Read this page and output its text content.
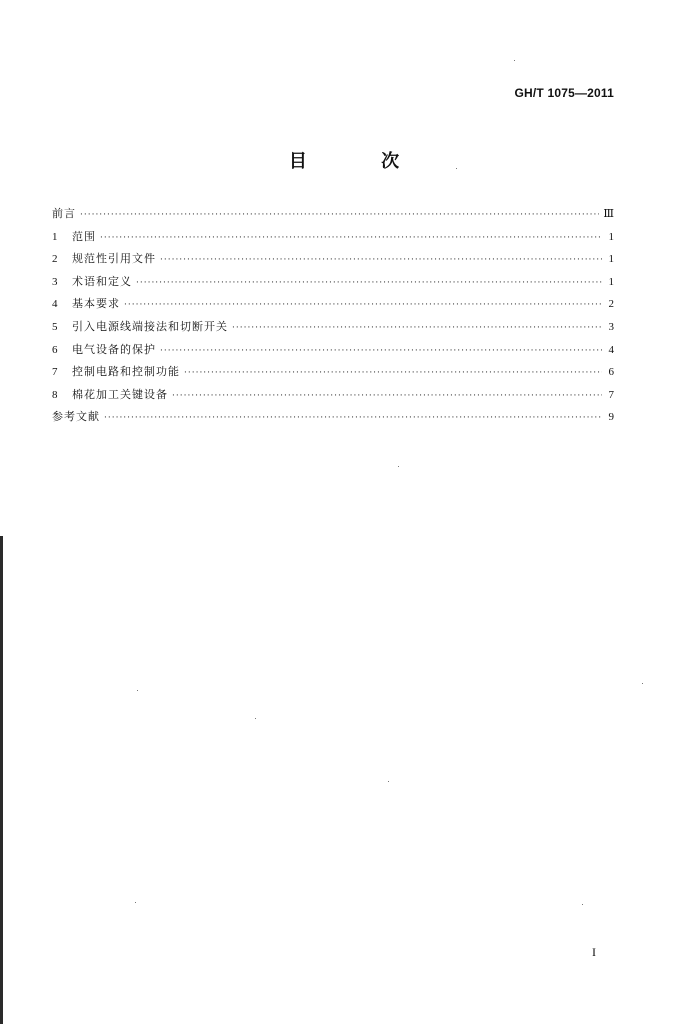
GH/T 1075—2011
目 次
前言 ·····	Ⅲ
1	范围 ·····	1
2	规范性引用文件 ·····	1
3	术语和定义 ·····	1
4	基本要求 ·····	2
5	引入电源线端接法和切断开关 ·····	3
6	电气设备的保护 ·····	4
7	控制电路和控制功能 ·····	6
8	棉花加工关键设备 ·····	7
参考文献 ·····	9
I
